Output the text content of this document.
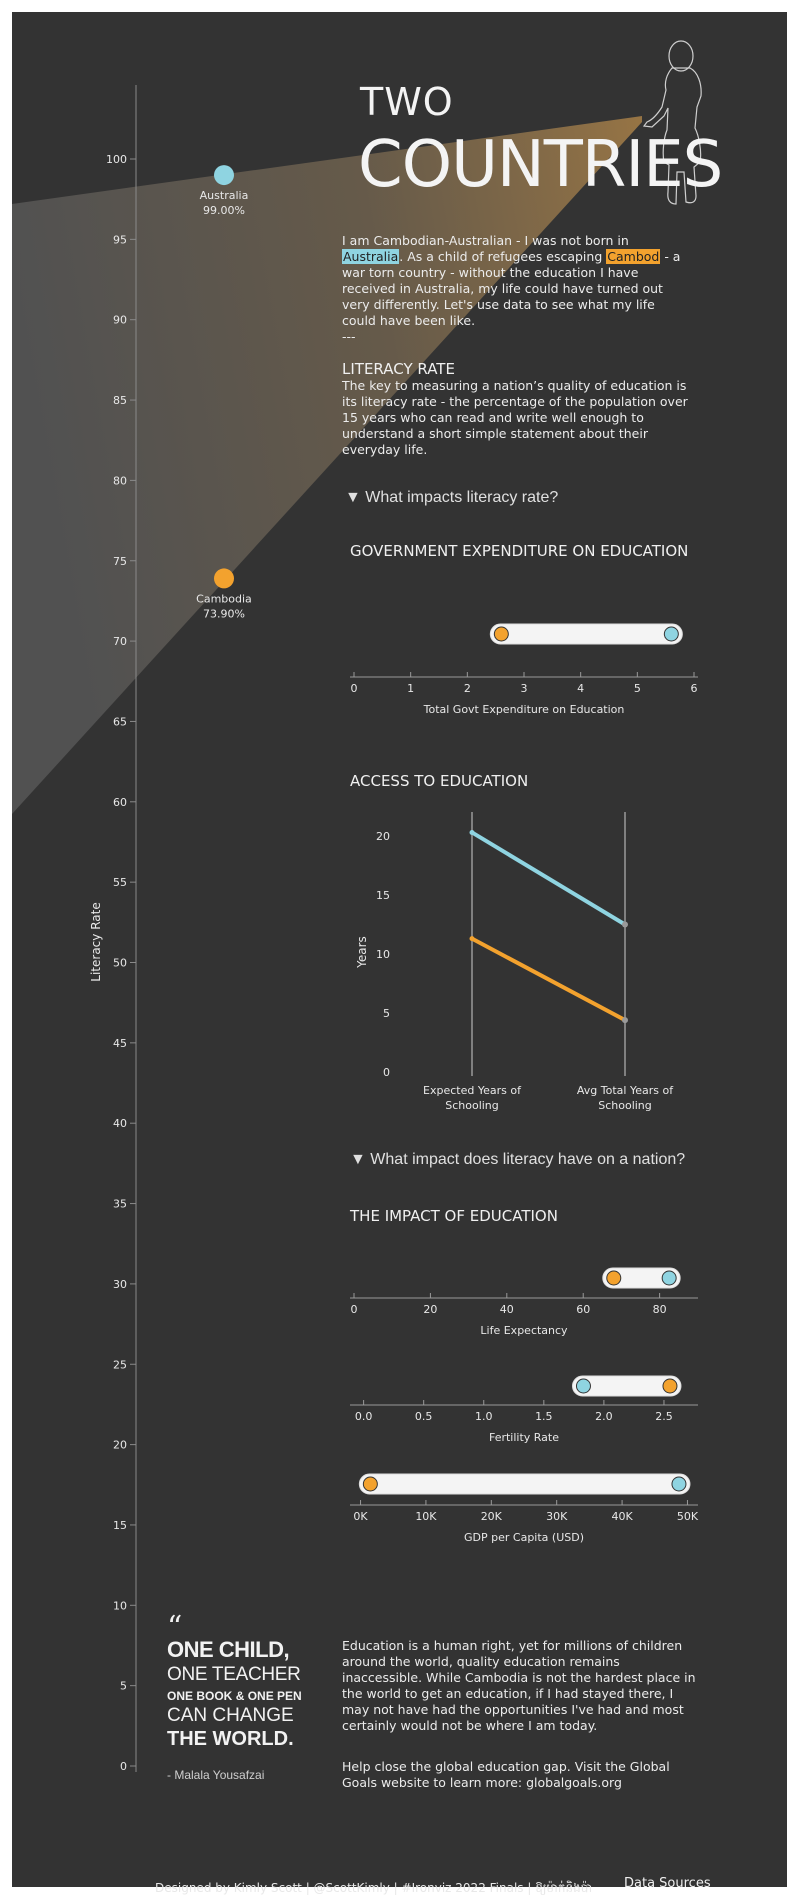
0
5
10
15
20
25
30
35
40
45
50
55
60
65
70
75
80
85
90
95
100
Literacy Rate
Australia
99.00%
Cambodia
73.90%
0	1	2	3	4	5	6
Total Govt Expenditure on Education
Expected Years of
Schooling
Avg Total Years of
Schooling
0
5
10
15
20
Years
0	20	40	60	80
Life Expectancy
0.0	0.5	1.0	1.5	2.0	2.5
Fertility Rate
0K	10K	20K	30K	40K	50K
GDP per Capita (USD)
TWO
COUNTRIES
I am Cambodian-Australian - I was not born in Australia. As a child of refugees escaping Cambod - a war torn country - without the education I have received in Australia, my life could have turned out very differently. Let's use data to see what my life could have been like.
---
LITERACY RATE
The key to measuring a nation’s quality of education is its literacy rate - the percentage of the population over 15 years who can read and write well enough to understand a short simple statement about their everyday life.
▼ What impacts literacy rate?
GOVERNMENT EXPENDITURE ON EDUCATION
ACCESS TO EDUCATION
▼ What impact does literacy have on a nation?
THE IMPACT OF EDUCATION
“
ONE CHILD,
ONE TEACHER
ONE BOOK & ONE PEN
CAN CHANGE
THE WORLD.
- Malala Yousafzai
Education is a human right, yet for millions of children around the world, quality education remains inaccessible. While Cambodia is not the hardest place in the world to get an education, if I had stayed there, I may not have had the opportunities I've had and most certainly would not be where I am today.
Help close the global education gap. Visit the Global Goals website to learn more: globalgoals.org
Designed by Kimly Scott | @ScottKimly | #Ironviz 2022 Finals | ឱ្យម៉ាក់និងប៉ា Data Sources
